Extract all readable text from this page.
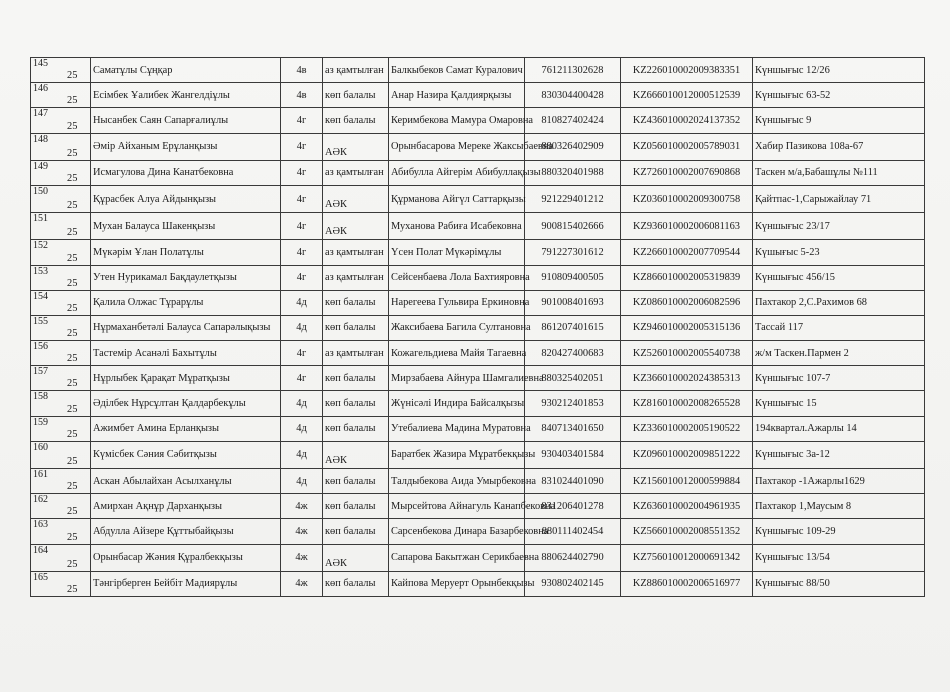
145
25	Саматұлы Сұңқар	4в	аз қамтылған	Балкыбеков Самат Куралович	761211302628	KZ226010002009383351	Күншығыс 12/26

146
25	Есімбек Ұалибек Жангелдіұлы	4в	көп балалы	Анар Назира Қалдиярқызы	830304400428	KZ666010012000512539	Күншығыс 63-52

147
25	Нысанбек Саян Сапарғалиұлы	4г	көп балалы	Керимбекова Мамура Омаровна	810827402424	KZ436010002024137352	Күншығыс 9

148
25	Әмір Айханым Ерұланқызы	4г	АӘК	Орынбасарова Мереке Жаксыбаевна	880326402909	KZ056010002005789031	Хабир Пазикова 108а-67

149
25	Исмагулова Дина Канатбековна	4г	аз қамтылған	Абибулла Айгерім Абибуллақызы	880320401988	KZ726010002007690868	Таскен м/а,Бабашұлы №111

150
25	Құрасбек Алуа Айдынқызы	4г	АӘК	Құрманова Айгүл Саттарқызы	921229401212	KZ036010002009300758	Қайтпас-1,Сарыжайлау 71

151
25	Мухан Балауса Шакенқызы	4г	АӘК	Муханова Рабиға Исабековна	900815402666	KZ936010002006081163	Күншығыс 23/17

152
25	Мүкәрім Ұлан Полатұлы	4г	аз қамтылған	Үсен Полат Мүкәрімұлы	791227301612	KZ266010002007709544	Күшығыс 5-23

153
25	Утен Нурикамал Бақдаулетқызы	4г	аз қамтылған	Сейсенбаева Лола Бахтияровна	910809400505	KZ866010002005319839	Күншығыс 456/15

154
25	Қалила Олжас Тұрарұлы	4д	көп балалы	Нарегеева Гульвира Еркиновна	901008401693	KZ086010002006082596	Пахтакор 2,С.Рахимов 68

155
25	Нұрмаханбетәлі Балауса Сапарәлықызы	4д	көп балалы	Жаксибаева Багила Султановна	861207401615	KZ946010002005315136	Тассай 117

156
25	Тастемір Асанәлі Бахытұлы	4г	аз қамтылған	Кожагельдиева Майя Тагаевна	820427400683	KZ526010002005540738	ж/м Таскен.Пармен 2

157
25	Нұрлыбек Қарақат Мұратқызы	4г	көп балалы	Мирзабаева Айнура Шамгалиевна	880325402051	KZ366010002024385313	Күншығыс 107-7

158
25	Әділбек Нұрсұлтан Қалдарбекұлы	4д	көп балалы	Жүнісәлі Индира Байсалқызы	930212401853	KZ816010002008265528	Күншығыс 15

159
25	Ажимбет Амина Ерланқызы	4д	көп балалы	Утебалиева Мадина Муратовна	840713401650	KZ336010002005190522	194квартал.Ажарлы 14

160
25	Күмісбек Сәния Сәбитқызы	4д	АӘК	Баратбек Жазира Мұратбекқызы	930403401584	KZ096010002009851222	Күншығыс 3а-12

161
25	Аскан Абылайхан Асылханұлы	4д	көп балалы	Талдыбекова Аида Умырбековна	831024401090	KZ156010012000599884	Пахтакор -1Ажарлы1629

162
25	Амирхан Ақнұр Дарханқызы	4ж	көп балалы	Мырсейтова Айнагуль Канапбековна	831206401278	KZ636010002004961935	Пахтакор 1,Маусым 8

163
25	Абдулла Айзере Құттыбайқызы	4ж	көп балалы	Сарсенбекова Динара Базарбековна	880111402454	KZ566010002008551352	Күншығыс 109-29

164
25	Орынбасар Жәния Құралбекқызы	4ж	АӘК	Сапарова Бакытжан Серикбаевна	880624402790	KZ756010012000691342	Күншығыс 13/54

165
25	Тәнгірберген Бейбіт Мадиярұлы	4ж	көп балалы	Кайпова Меруерт Орынбекқызы	930802402145	KZ886010002006516977	Күншығыс 88/50
